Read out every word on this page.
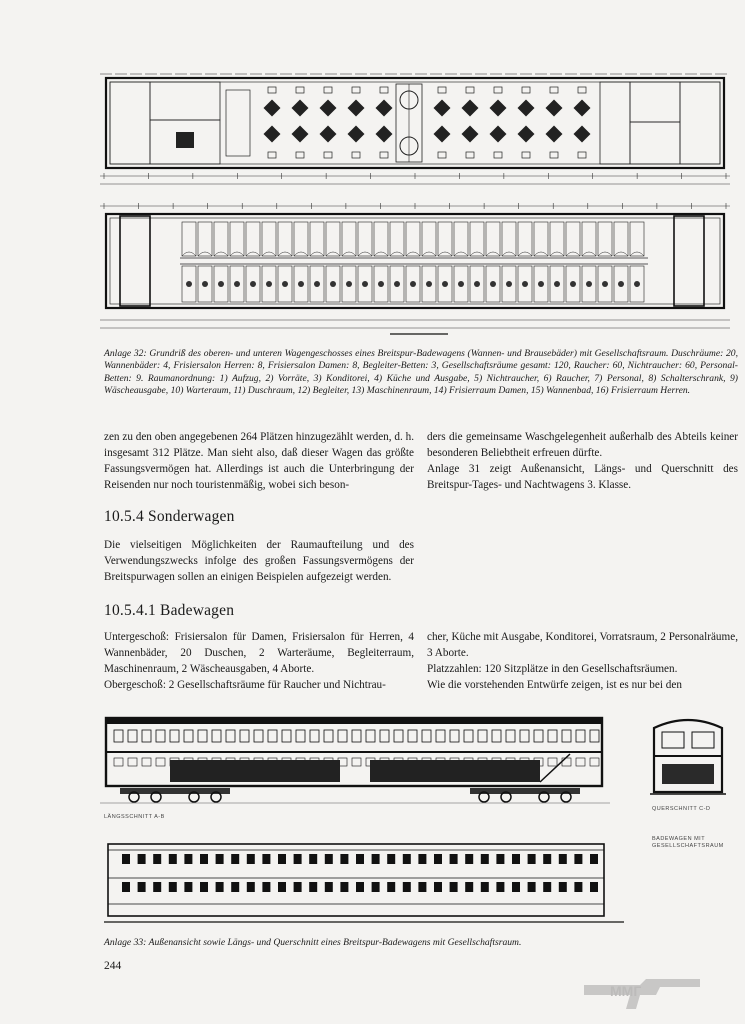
Anlage 32: Grundriß des oberen- und unteren Wagengeschosses eines Breitspur-Badewagens (Wannen- und Brausebäder) mit Gesellschaftsraum. Duschräume: 20, Wannenbäder: 4, Frisiersalon Herren: 8, Frisiersalon Damen: 8, Begleiter-Betten: 3, Gesellschaftsräume gesamt: 120, Raucher: 60, Nichtraucher: 60, Personal-Betten: 9. Raumanordnung: 1) Aufzug, 2) Vorräte, 3) Konditorei, 4) Küche und Ausgabe, 5) Nichtraucher, 6) Raucher, 7) Personal, 8) Schalterschrank, 9) Wäscheausgabe, 10) Warteraum, 11) Duschraum, 12) Begleiter, 13) Maschinenraum, 14) Frisierraum Damen, 15) Wannenbad, 16) Frisierraum Herren.

zen zu den oben angegebenen 264 Plätzen hinzugezählt werden, d. h. insgesamt 312 Plätze. Man sieht also, daß dieser Wagen das größte Fassungsvermögen hat. Allerdings ist auch die Unterbringung der Reisenden nur noch touristenmäßig, wobei sich beson-

ders die gemeinsame Waschgelegenheit außerhalb des Abteils keiner besonderen Beliebtheit erfreuen dürfte.

Anlage 31 zeigt Außenansicht, Längs- und Querschnitt des Breitspur-Tages- und Nachtwagens 3. Klasse.

10.5.4 Sonderwagen

Die vielseitigen Möglichkeiten der Raumaufteilung und des Verwendungszwecks infolge des großen Fassungsvermögens der Breitspurwagen sollen an einigen Beispielen aufgezeigt werden.

10.5.4.1 Badewagen

Untergeschoß: Frisiersalon für Damen, Frisiersalon für Herren, 4 Wannenbäder, 20 Duschen, 2 Warteräume, Begleiterraum, Maschinenraum, 2 Wäscheausgaben, 4 Aborte.

Obergeschoß: 2 Gesellschaftsräume für Raucher und Nichtrau-

cher, Küche mit Ausgabe, Konditorei, Vorratsraum, 2 Personalräume, 3 Aborte.

Platzzahlen: 120 Sitzplätze in den Gesellschaftsräumen.

Wie die vorstehenden Entwürfe zeigen, ist es nur bei den

LÄNGSSCHNITT A-B
QUERSCHNITT C-D
BADEWAGEN MIT GESELLSCHAFTSRAUM
Anlage 33: Außenansicht sowie Längs- und Querschnitt eines Breitspur-Badewagens mit Gesellschaftsraum.
244
MMГ
